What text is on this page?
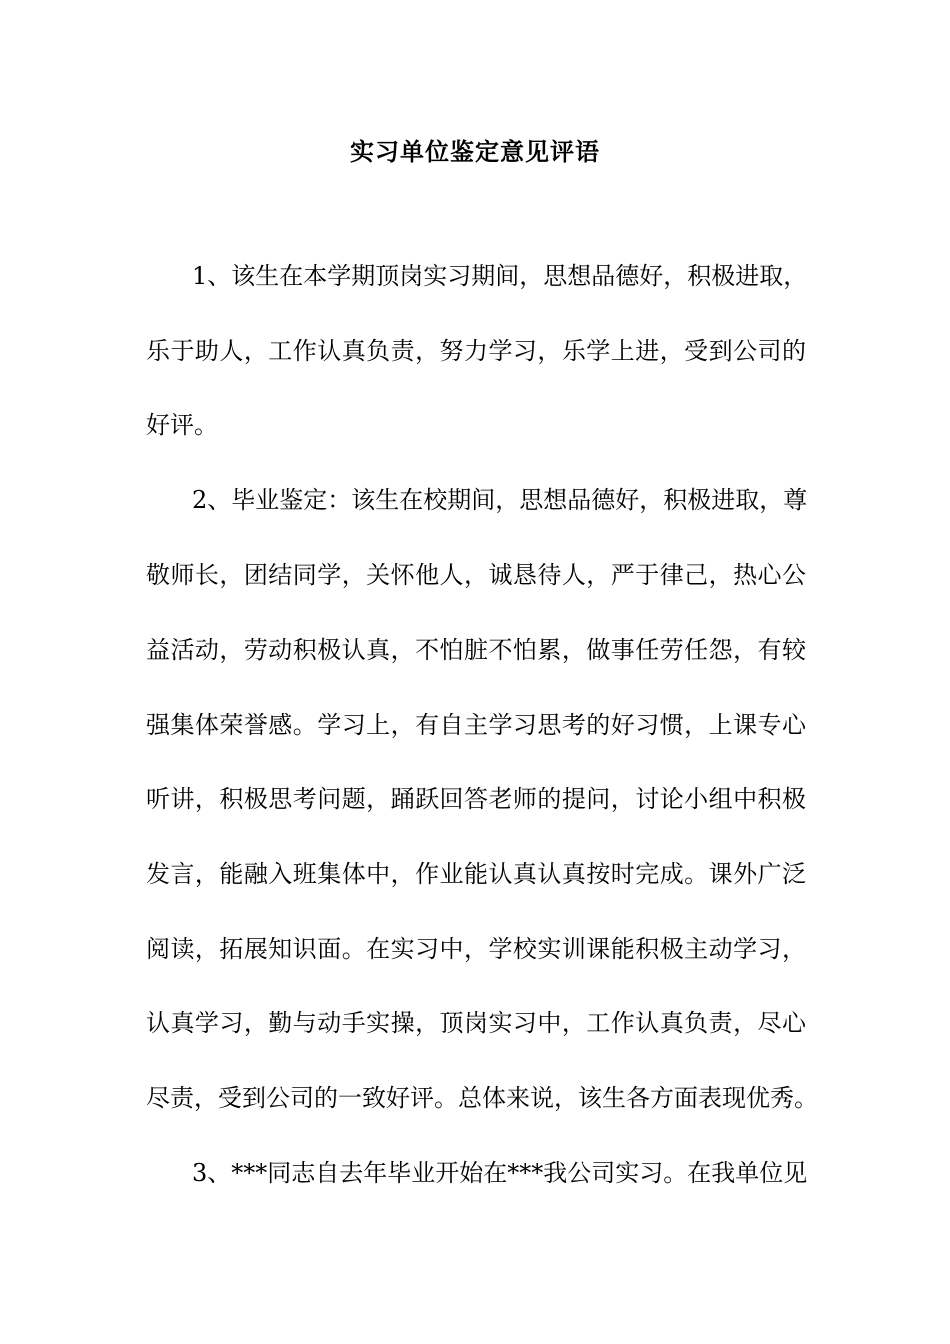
实习单位鉴定意见评语
1、该生在本学期顶岗实习期间，思想品德好，积极进取，
乐于助人，工作认真负责，努力学习，乐学上进，受到公司的
好评。
2、毕业鉴定：该生在校期间，思想品德好，积极进取，尊
敬师长，团结同学，关怀他人，诚恳待人，严于律己，热心公
益活动，劳动积极认真，不怕脏不怕累，做事任劳任怨，有较
强集体荣誉感。学习上，有自主学习思考的好习惯，上课专心
听讲，积极思考问题，踊跃回答老师的提问，讨论小组中积极
发言，能融入班集体中，作业能认真认真按时完成。课外广泛
阅读，拓展知识面。在实习中，学校实训课能积极主动学习，
认真学习，勤与动手实操，顶岗实习中，工作认真负责，尽心
尽责，受到公司的一致好评。总体来说，该生各方面表现优秀。
3、***同志自去年毕业开始在***我公司实习。在我单位见
